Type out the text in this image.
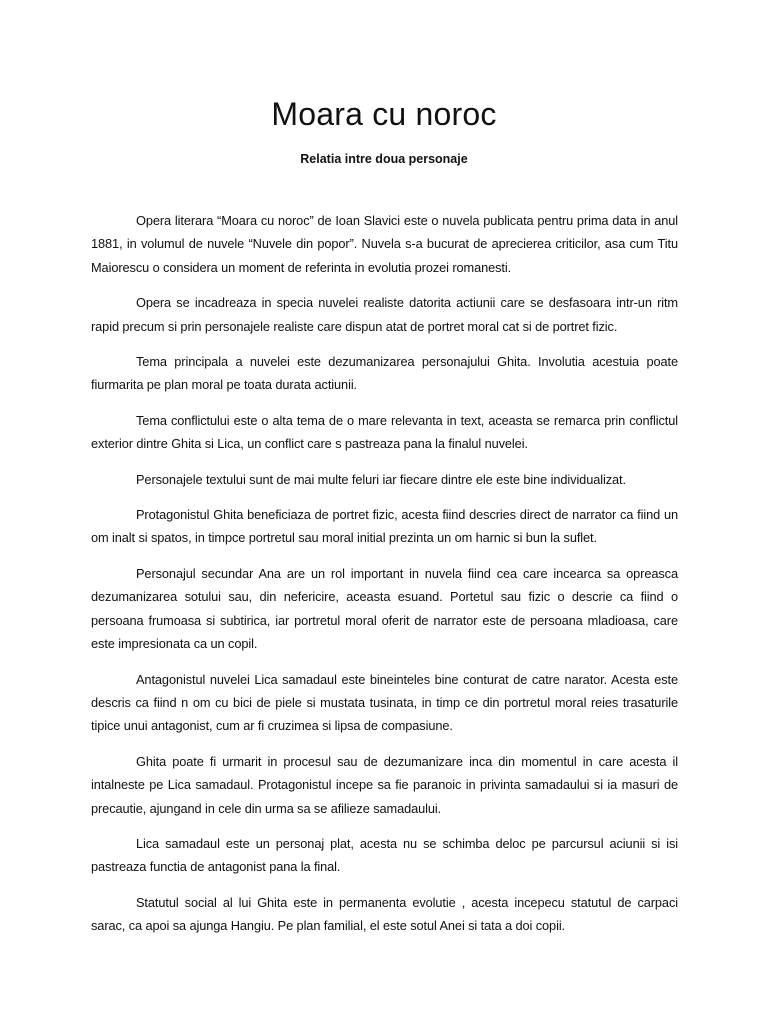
Moara cu noroc
Relatia intre doua personaje

Opera literara “Moara cu noroc” de Ioan Slavici este o nuvela publicata pentru prima data in anul 1881, in volumul de nuvele “Nuvele din popor”. Nuvela s-a bucurat de aprecierea criticilor, asa cum Titu Maiorescu o considera un moment de referinta in evolutia prozei romanesti.

Opera se incadreaza in specia nuvelei realiste datorita actiunii care se desfasoara intr-un ritm rapid precum si prin personajele realiste care dispun atat de portret moral cat si de portret fizic.

Tema principala a nuvelei este dezumanizarea personajului Ghita. Involutia acestuia poate fiurmarita pe plan moral pe toata durata actiunii.

Tema conflictului este o alta tema de o mare relevanta in text, aceasta se remarca prin conflictul exterior dintre Ghita si Lica, un conflict care s pastreaza pana la finalul nuvelei.

Personajele textului sunt de mai multe feluri iar fiecare dintre ele este bine individualizat.

Protagonistul Ghita beneficiaza de portret fizic, acesta fiind descries direct de narrator ca fiind un om inalt si spatos, in timpce portretul sau moral initial prezinta un om harnic si bun la suflet.

Personajul secundar Ana are un rol important in nuvela fiind cea care incearca sa opreasca dezumanizarea sotului sau, din nefericire, aceasta esuand. Portetul sau fizic o descrie ca fiind o persoana frumoasa si subtirica, iar portretul moral oferit de narrator este de persoana mladioasa, care este impresionata ca un copil.

Antagonistul nuvelei Lica samadaul este bineinteles bine conturat de catre narator. Acesta este descris ca fiind n om cu bici de piele si mustata tusinata, in timp ce din portretul moral reies trasaturile tipice unui antagonist, cum ar fi cruzimea si lipsa de compasiune.

Ghita poate fi urmarit in procesul sau de dezumanizare inca din momentul in care acesta il intalneste pe Lica samadaul. Protagonistul incepe sa fie paranoic in privinta samadaului si ia masuri de precautie, ajungand in cele din urma sa se afilieze samadaului.

Lica samadaul este un personaj plat, acesta nu se schimba deloc pe parcursul aciunii si isi pastreaza functia de antagonist pana la final.

Statutul social al lui Ghita este in permanenta evolutie , acesta incepecu statutul de carpaci sarac, ca apoi sa ajunga Hangiu. Pe plan familial, el este sotul Anei si tata a doi copii.
